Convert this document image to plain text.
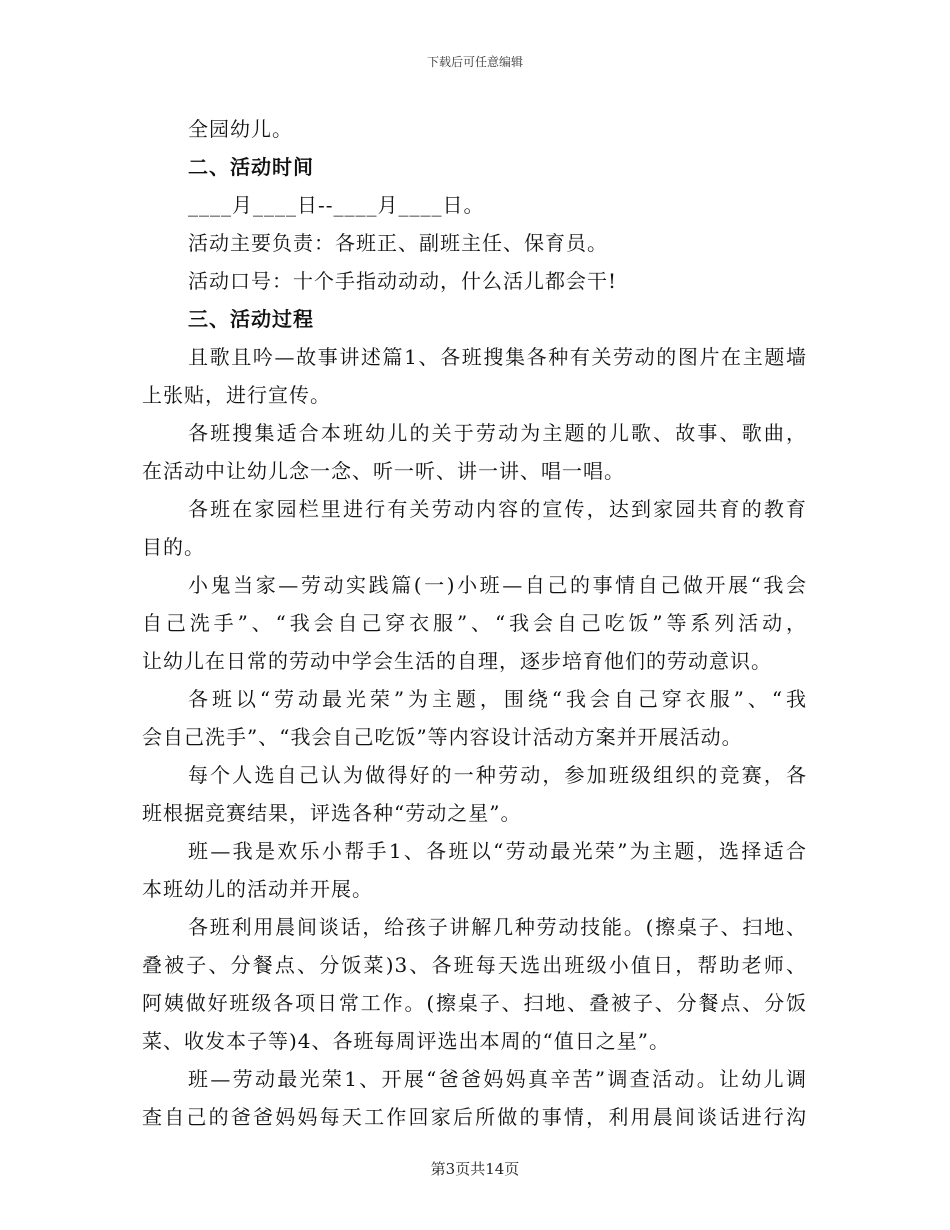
下载后可任意编辑
全园幼儿。
二、活动时间
____月____日--____月____日。
活动主要负责：各班正、副班主任、保育员。
活动口号：十个手指动动动，什么活儿都会干!
三、活动过程
且歌且吟—故事讲述篇1、各班搜集各种有关劳动的图片在主题墙
上张贴，进行宣传。
各班搜集适合本班幼儿的关于劳动为主题的儿歌、故事、歌曲，
在活动中让幼儿念一念、听一听、讲一讲、唱一唱。
各班在家园栏里进行有关劳动内容的宣传，达到家园共育的教育
目的。
小鬼当家—劳动实践篇(一)小班—自己的事情自己做开展“我会
自己洗手”、“我会自己穿衣服”、“我会自己吃饭”等系列活动，
让幼儿在日常的劳动中学会生活的自理，逐步培育他们的劳动意识。
各班以“劳动最光荣”为主题，围绕“我会自己穿衣服”、“我
会自己洗手”、“我会自己吃饭”等内容设计活动方案并开展活动。
每个人选自己认为做得好的一种劳动，参加班级组织的竞赛，各
班根据竞赛结果，评选各种“劳动之星”。
班—我是欢乐小帮手1、各班以“劳动最光荣”为主题，选择适合
本班幼儿的活动并开展。
各班利用晨间谈话，给孩子讲解几种劳动技能。(擦桌子、扫地、
叠被子、分餐点、分饭菜)3、各班每天选出班级小值日，帮助老师、
阿姨做好班级各项日常工作。(擦桌子、扫地、叠被子、分餐点、分饭
菜、收发本子等)4、各班每周评选出本周的“值日之星”。
班—劳动最光荣1、开展“爸爸妈妈真辛苦”调查活动。让幼儿调
查自己的爸爸妈妈每天工作回家后所做的事情，利用晨间谈话进行沟
第3页共14页
